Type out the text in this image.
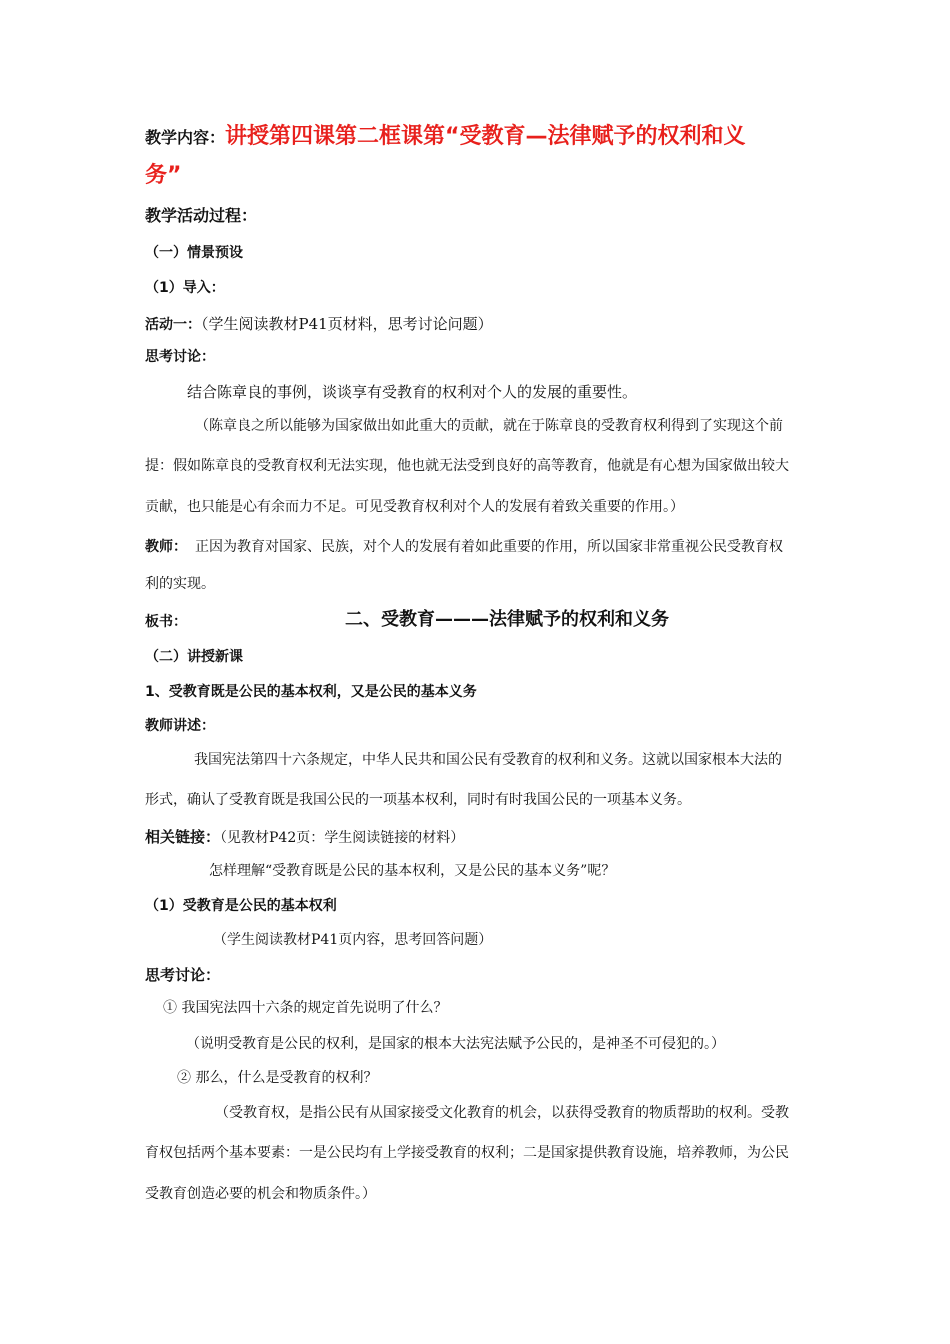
教学内容：讲授第四课第二框课第“受教育—法律赋予的权利和义
务”
教学活动过程：
（一）情景预设
（1）导入：
活动一：（学生阅读教材P41页材料，思考讨论问题）
思考讨论：
结合陈章良的事例，谈谈享有受教育的权利对个人的发展的重要性。
（陈章良之所以能够为国家做出如此重大的贡献，就在于陈章良的受教育权利得到了实现这个前
提：假如陈章良的受教育权利无法实现，他也就无法受到良好的高等教育，他就是有心想为国家做出较大
贡献，也只能是心有余而力不足。可见受教育权利对个人的发展有着致关重要的作用。）
教师： 正因为教育对国家、民族，对个人的发展有着如此重要的作用，所以国家非常重视公民受教育权
利的实现。
板书：	二、受教育———法律赋予的权利和义务
（二）讲授新课
1、受教育既是公民的基本权利，又是公民的基本义务
教师讲述：
我国宪法第四十六条规定，中华人民共和国公民有受教育的权利和义务。这就以国家根本大法的
形式，确认了受教育既是我国公民的一项基本权利，同时有时我国公民的一项基本义务。
相关链接：（见教材P42页：学生阅读链接的材料）
怎样理解“受教育既是公民的基本权利，又是公民的基本义务”呢？
（1）受教育是公民的基本权利
（学生阅读教材P41页内容，思考回答问题）
思考讨论：
① 我国宪法四十六条的规定首先说明了什么？
（说明受教育是公民的权利，是国家的根本大法宪法赋予公民的，是神圣不可侵犯的。）
② 那么，什么是受教育的权利？
（受教育权，是指公民有从国家接受文化教育的机会，以获得受教育的物质帮助的权利。受教
育权包括两个基本要素：一是公民均有上学接受教育的权利；二是国家提供教育设施，培养教师，为公民
受教育创造必要的机会和物质条件。）
